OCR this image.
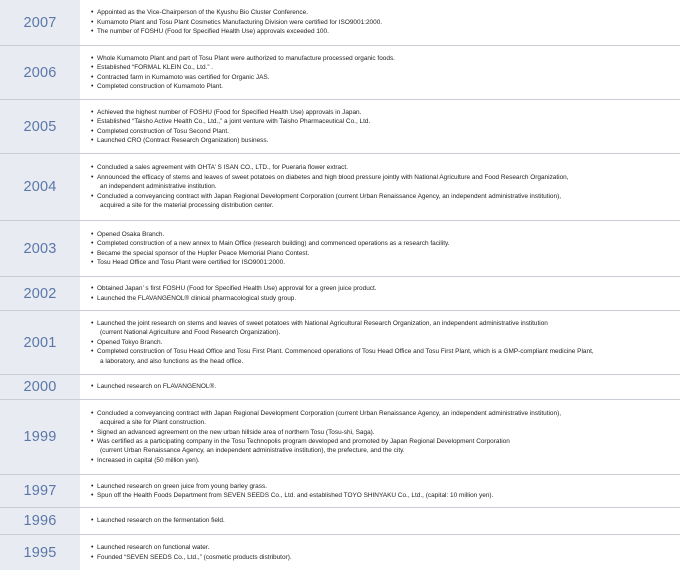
2007
• Appointed as the Vice-Chairperson of the Kyushu Bio Cluster Conference.
• Kumamoto Plant and Tosu Plant Cosmetics Manufacturing Division were certified for ISO9001:2000.
• The number of FOSHU (Food for Specified Health Use) approvals exceeded 100.
2006
• Whole Kumamoto Plant and part of Tosu Plant were authorized to manufacture processed organic foods.
• Established “FORMAL KLEIN Co., Ltd.” .
• Contracted farm in Kumamoto was certified for Organic JAS.
• Completed construction of Kumamoto Plant.
2005
• Achieved the highest number of FOSHU (Food for Specified Health Use) approvals in Japan.
• Established “Taisho Active Health Co., Ltd.,” a joint venture with Taisho Pharmaceutical Co., Ltd.
• Completed construction of Tosu Second Plant.
• Launched CRO (Contract Research Organization) business.
2004
• Concluded a sales agreement with OHTA’ S ISAN CO., LTD., for Pueraria flower extract.
• Announced the efficacy of stems and leaves of sweet potatoes on diabetes and high blood pressure jointly with National Agriculture and Food Research Organization,
an independent administrative institution.
• Concluded a conveyancing contract with Japan Regional Development Corporation (current Urban Renaissance Agency, an independent administrative institution),
acquired a site for the material processing distribution center.
2003
• Opened Osaka Branch.
• Completed construction of a new annex to Main Office (research building) and commenced operations as a research facility.
• Became the special sponsor of the Hupfer Peace Memorial Piano Contest.
• Tosu Head Office and Tosu Plant were certified for ISO9001:2000.
2002	• Obtained Japan’ s first FOSHU (Food for Specified Health Use) approval for a green juice product.
• Launched the FLAVANGENOL® clinical pharmacological study group.
2001
• Launched the joint research on stems and leaves of sweet potatoes with National Agricultural Research Organization, an independent administrative institution
(current National Agriculture and Food Research Organization).
• Opened Tokyo Branch.
• Completed construction of Tosu Head Office and Tosu First Plant. Commenced operations of Tosu Head Office and Tosu First Plant, which is a GMP-compliant medicine Plant,
a laboratory, and also functions as the head office.
2000	• Launched research on FLAVANGENOL®.
1999
• Concluded a conveyancing contract with Japan Regional Development Corporation (current Urban Renaissance Agency, an independent administrative institution),
acquired a site for Plant construction.
• Signed an advanced agreement on the new urban hillside area of northern Tosu (Tosu-shi, Saga).
• Was certified as a participating company in the Tosu Technopolis program developed and promoted by Japan Regional Development Corporation
(current Urban Renaissance Agency, an independent administrative institution), the prefecture, and the city.
• Increased in capital (50 million yen).
1997	• Launched research on green juice from young barley grass.
• Spun off the Health Foods Department from SEVEN SEEDS Co., Ltd. and established TOYO SHINYAKU Co., Ltd., (capital: 10 million yen).
1996	• Launched research on the fermentation field.
1995	• Launched research on functional water.
• Founded “SEVEN SEEDS Co., Ltd.,” (cosmetic products distributor).
